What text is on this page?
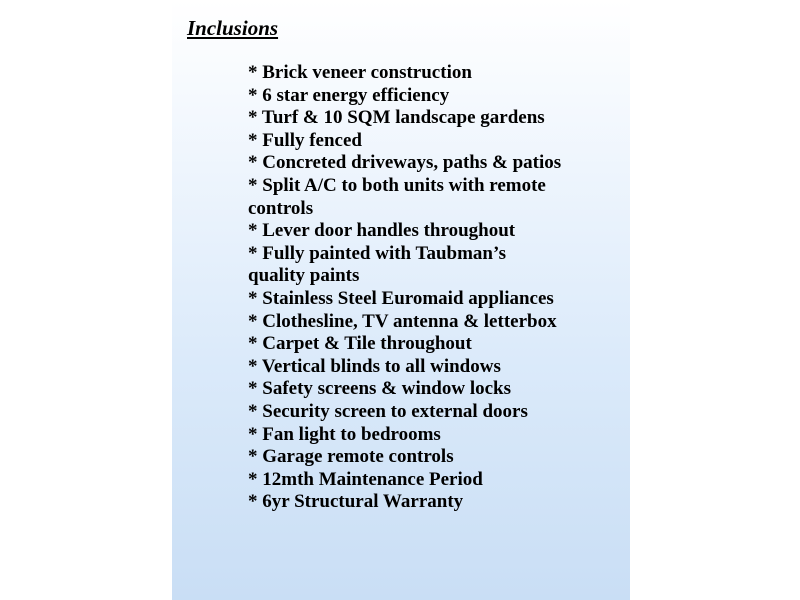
Inclusions
* Brick veneer construction
* 6 star energy efficiency
* Turf & 10 SQM landscape gardens
* Fully fenced
* Concreted driveways, paths & patios
* Split A/C to both units with remote
controls
* Lever door handles throughout
* Fully painted with Taubman’s
quality paints
* Stainless Steel Euromaid appliances
* Clothesline, TV antenna & letterbox
* Carpet & Tile throughout
* Vertical blinds to all windows
* Safety screens & window locks
* Security screen to external doors
* Fan light to bedrooms
* Garage remote controls
* 12mth Maintenance Period
* 6yr Structural Warranty
